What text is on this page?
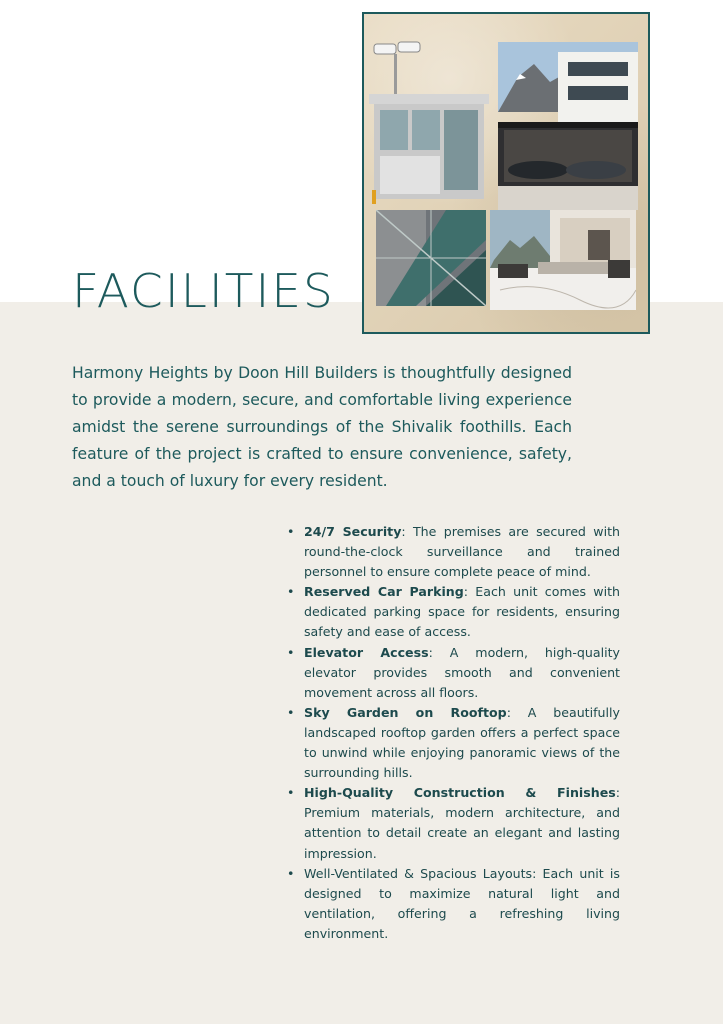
FACILITIES

Harmony Heights by Doon Hill Builders is thoughtfully designed to provide a modern, secure, and comfortable living experience amidst the serene surroundings of the Shivalik foothills. Each feature of the project is crafted to ensure convenience, safety, and a touch of luxury for every resident.

• 24/7 Security: The premises are secured with round-the-clock surveillance and trained personnel to ensure complete peace of mind.
• Reserved Car Parking: Each unit comes with dedicated parking space for residents, ensuring safety and ease of access.
• Elevator Access: A modern, high-quality elevator provides smooth and convenient movement across all floors.
• Sky Garden on Rooftop: A beautifully landscaped rooftop garden offers a perfect space to unwind while enjoying panoramic views of the surrounding hills.
• High-Quality Construction & Finishes: Premium materials, modern architecture, and attention to detail create an elegant and lasting impression.
• Well-Ventilated & Spacious Layouts: Each unit is designed to maximize natural light and ventilation, offering a refreshing living environment.
